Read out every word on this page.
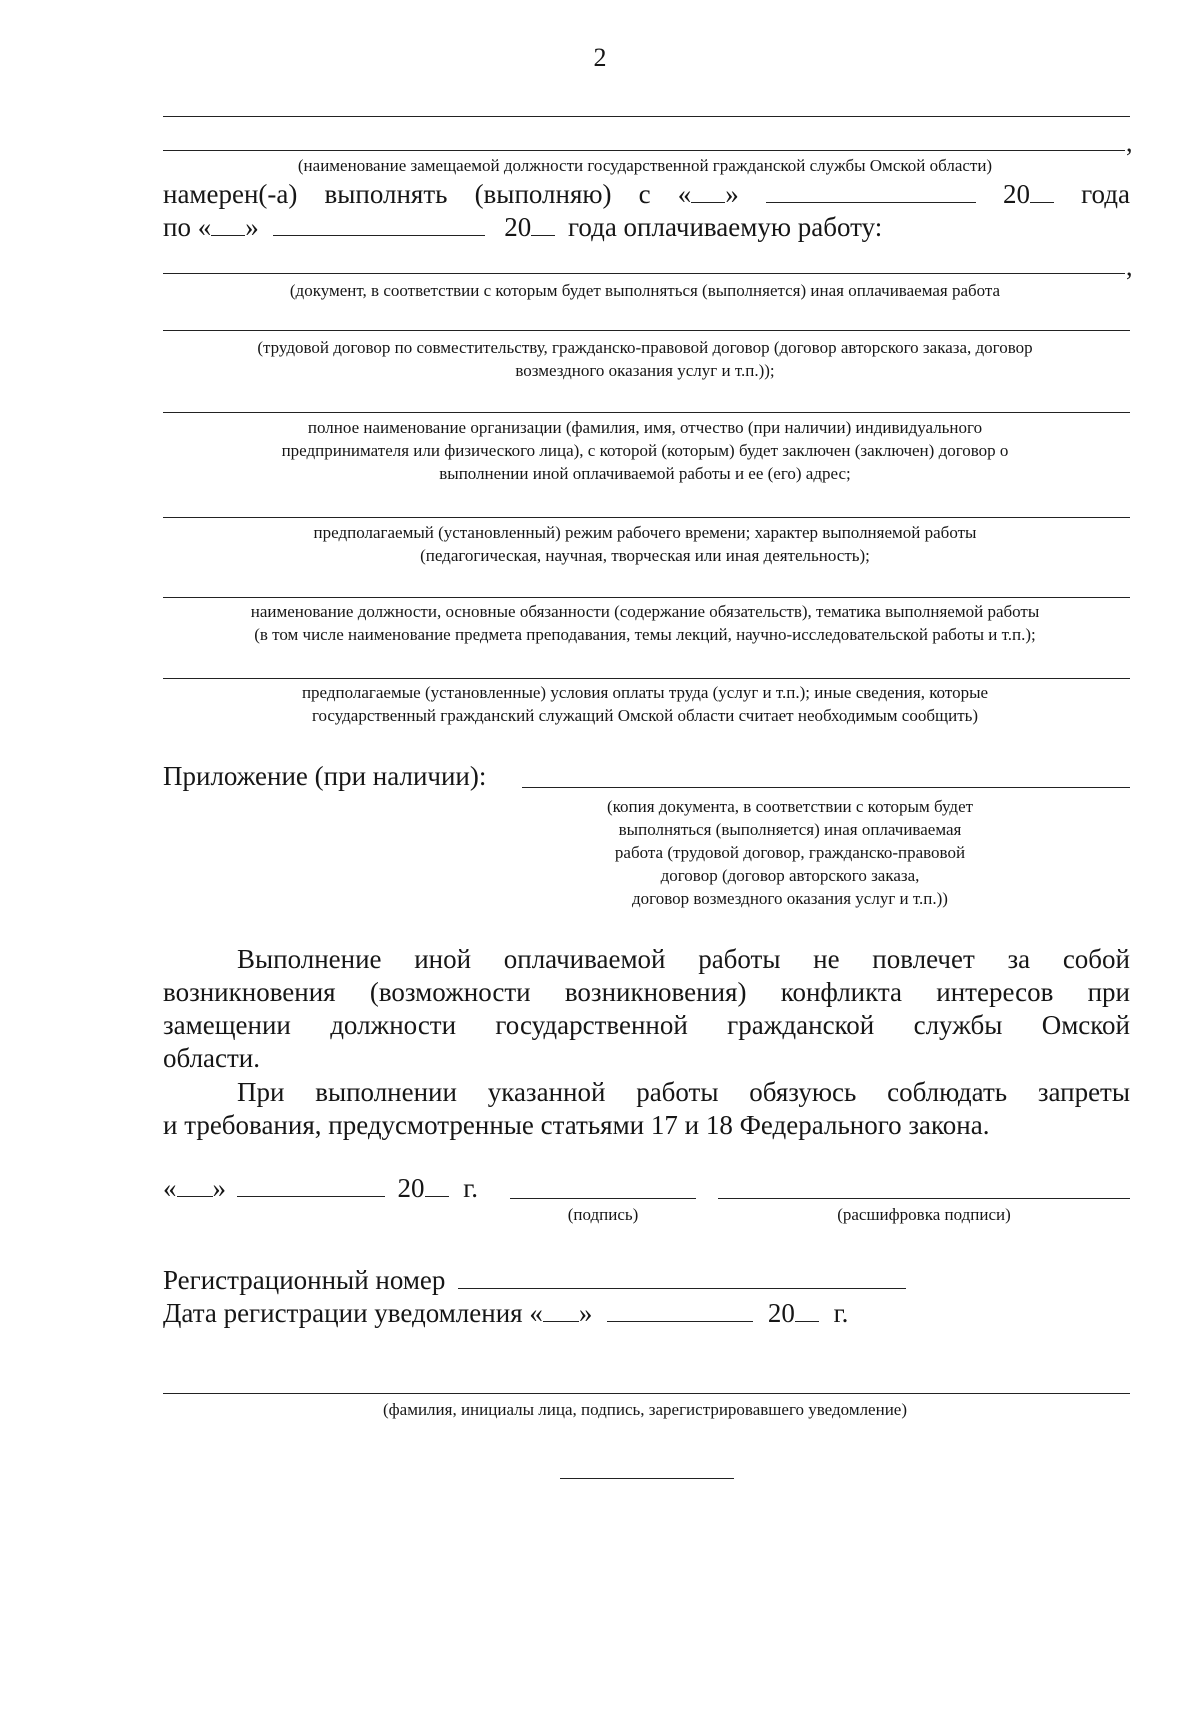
2
,
(наименование замещаемой должности государственной гражданской службы Омской области)
намерен(-а) выполнять (выполняю) с « »	20 года
по « »	20 года оплачиваемую работу:
,
(документ, в соответствии с которым будет выполняться (выполняется) иная оплачиваемая работа
(трудовой договор по совместительству, гражданско-правовой договор (договор авторского заказа, договор
возмездного оказания услуг и т.п.));
полное наименование организации (фамилия, имя, отчество (при наличии) индивидуального
предпринимателя или физического лица), с которой (которым) будет заключен (заключен) договор о
выполнении иной оплачиваемой работы и ее (его) адрес;
предполагаемый (установленный) режим рабочего времени; характер выполняемой работы
(педагогическая, научная, творческая или иная деятельность);
наименование должности, основные обязанности (содержание обязательств), тематика выполняемой работы
(в том числе наименование предмета преподавания, темы лекций, научно-исследовательской работы и т.п.);
предполагаемые (установленные) условия оплаты труда (услуг и т.п.); иные сведения, которые
государственный гражданский служащий Омской области считает необходимым сообщить)
Приложение (при наличии):
(копия документа, в соответствии с которым будет
выполняться (выполняется) иная оплачиваемая
работа (трудовой договор, гражданско-правовой
договор (договор авторского заказа,
договор возмездного оказания услуг и т.п.))
Выполнение иной оплачиваемой работы не повлечет за собой
возникновения (возможности возникновения) конфликта интересов при
замещении должности государственной гражданской службы Омской
области.
При выполнении указанной работы обязуюсь соблюдать запреты
и требования, предусмотренные статьями 17 и 18 Федерального закона.
« »	20 г.
(подпись)	(расшифровка подписи)
Регистрационный номер
Дата регистрации уведомления « »	20 г.
(фамилия, инициалы лица, подпись, зарегистрировавшего уведомление)
